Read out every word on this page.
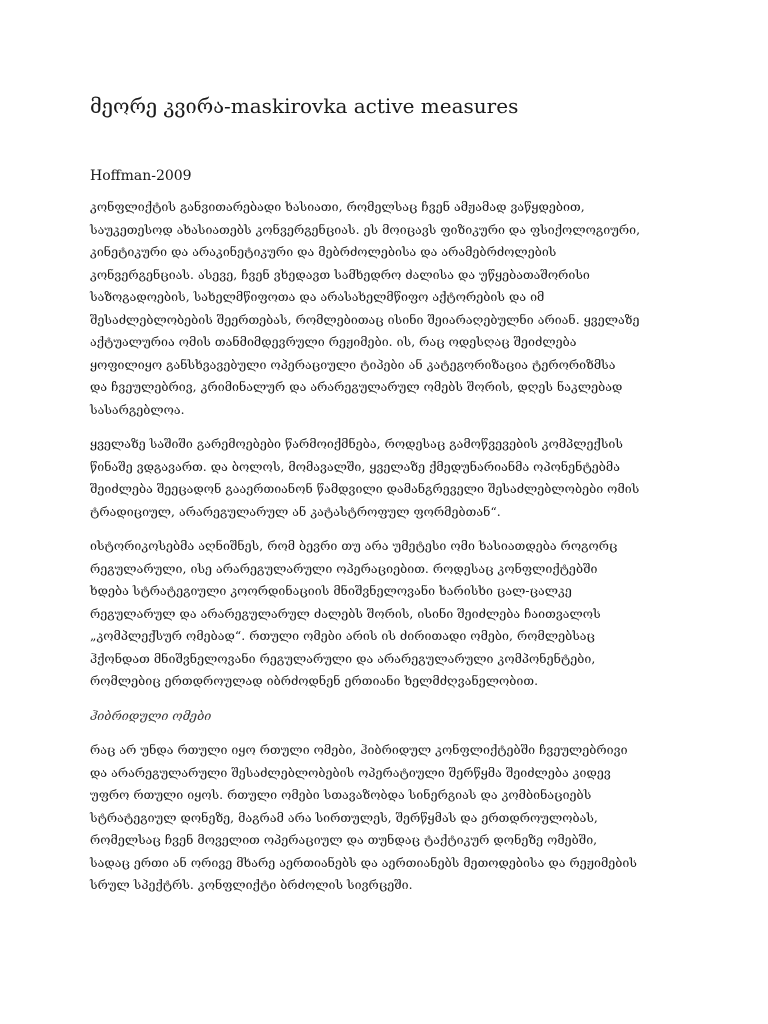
მეორე კვირა-maskirovka active measures
Hoffman-2009

კონფლიქტის განვითარებადი ხასიათი, რომელსაც ჩვენ ამჟამად ვაწყდებით,
საუკეთესოდ ახასიათებს კონვერგენციას. ეს მოიცავს ფიზიკური და ფსიქოლოგიური,
კინეტიკური და არაკინეტიკური და მებრძოლებისა და არამებრძოლების
კონვერგენციას. ასევე, ჩვენ ვხედავთ სამხედრო ძალისა და უწყებათაშორისი
საზოგადოების, სახელმწიფოთა და არასახელმწიფო აქტორების და იმ
შესაძლებლობების შეერთებას, რომლებითაც ისინი შეიარაღებულნი არიან. ყველაზე
აქტუალურია ომის თანმიმდევრული რეჟიმები. ის, რაც ოდესღაც შეიძლება
ყოფილიყო განსხვავებული ოპერაციული ტიპები ან კატეგორიზაცია ტერორიზმსა
და ჩვეულებრივ, კრიმინალურ და არარეგულარულ ომებს შორის, დღეს ნაკლებად
სასარგებლოა.

ყველაზე საშიში გარემოებები წარმოიქმნება, როდესაც გამოწვევების კომპლექსის
წინაშე ვდგავართ. და ბოლოს, მომავალში, ყველაზე ქმედუნარიანმა ოპონენტებმა
შეიძლება შეეცადონ გააერთიანონ წამდვილი დამანგრეველი შესაძლებლობები ომის
ტრადიციულ, არარეგულარულ ან კატასტროფულ ფორმებთან“.

ისტორიკოსებმა აღნიშნეს, რომ ბევრი თუ არა უმეტესი ომი ხასიათდება როგორც
რეგულარული, ისე არარეგულარული ოპერაციებით. როდესაც კონფლიქტებში
ხდება სტრატეგიული კოორდინაციის მნიშვნელოვანი ხარისხი ცალ-ცალკე
რეგულარულ და არარეგულარულ ძალებს შორის, ისინი შეიძლება ჩაითვალოს
„კომპლექსურ ომებად“. რთული ომები არის ის ძირითადი ომები, რომლებსაც
ჰქონდათ მნიშვნელოვანი რეგულარული და არარეგულარული კომპონენტები,
რომლებიც ერთდროულად იბრძოდნენ ერთიანი ხელმძღვანელობით.

ჰიბრიდული ომები

რაც არ უნდა რთული იყო რთული ომები, ჰიბრიდულ კონფლიქტებში ჩვეულებრივი
და არარეგულარული შესაძლებლობების ოპერატიული შერწყმა შეიძლება კიდევ
უფრო რთული იყოს. რთული ომები სთავაზობდა სინერგიას და კომბინაციებს
სტრატეგიულ დონეზე, მაგრამ არა სირთულეს, შერწყმას და ერთდროულობას,
რომელსაც ჩვენ მოველით ოპერაციულ და თუნდაც ტაქტიკურ დონეზე ომებში,
სადაც ერთი ან ორივე მხარე აერთიანებს და აერთიანებს მეთოდებისა და რეჟიმების
სრულ სპექტრს. კონფლიქტი ბრძოლის სივრცეში.
